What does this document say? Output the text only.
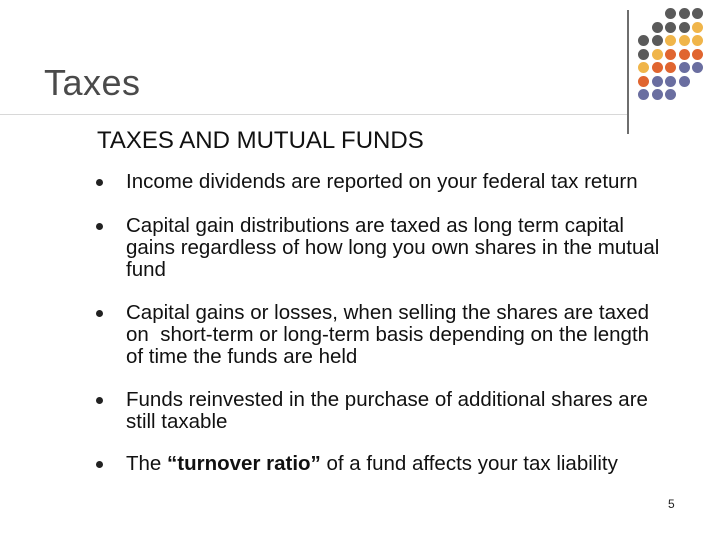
Taxes
TAXES AND MUTUAL FUNDS
Income dividends are reported on your federal tax return
Capital gain distributions are taxed as long term capital gains regardless of how long you own shares in the mutual fund
Capital gains or losses, when selling the shares are taxed on  short-term or long-term basis depending on the length of time the funds are held
Funds reinvested in the purchase of additional shares are still taxable
The “turnover ratio” of a fund affects your tax liability
5
